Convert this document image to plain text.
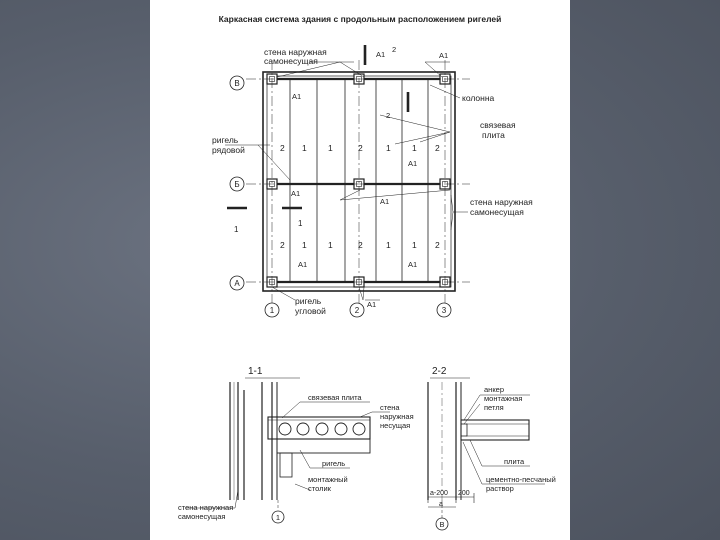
Каркасная система здания с продольным расположением ригелей
стена наружная
самонесущая
А1
2
А1
колонна
2
связевая
плита
ригель
рядовой
А1
А1
А1
А1
А1	А1
А1
стена наружная
самонесущая
ригель
угловой
1
1
2 1	1	2	1	1 2
2 1	1	2	1	1 2
В
Б
А
1	2	3
1-1
связевая плита
стена
наружная
несущая
ригель
монтажный
столик
стена наружная
самонесущая	1
2-2
анкер
монтажная
петля
плита
цементно-песчаный
раствор
а-200 200
а
В
